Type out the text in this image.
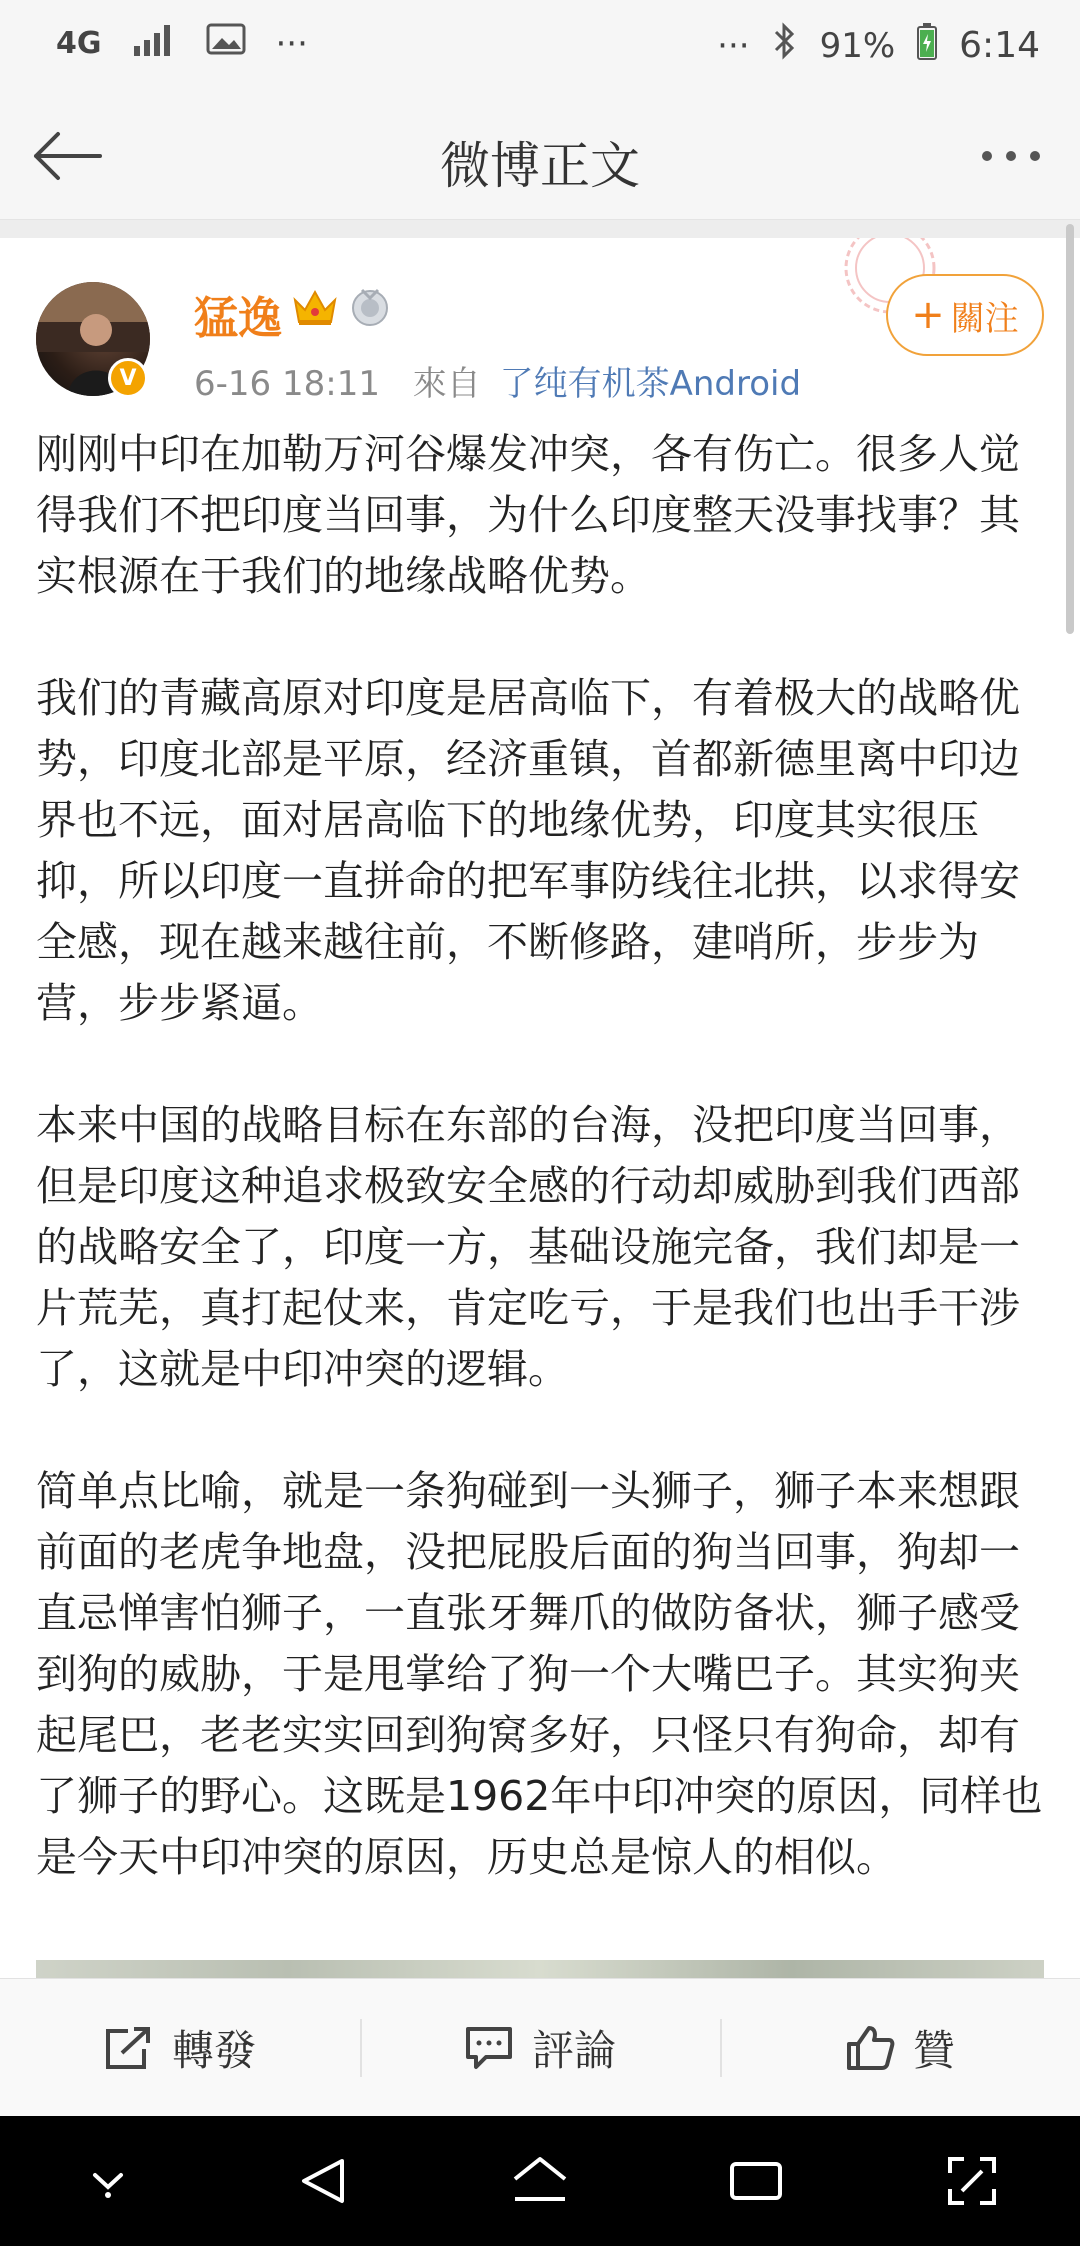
4G	···	··· 91% 6:14
微博正文
V
猛逸
6-16 18:11 來自 了纯有机茶Android
+ 關注

刚刚中印在加勒万河谷爆发冲突，各有伤亡。很多人觉得我们不把印度当回事，为什么印度整天没事找事？其实根源在于我们的地缘战略优势。

我们的青藏高原对印度是居高临下，有着极大的战略优势，印度北部是平原，经济重镇，首都新德里离中印边界也不远，面对居高临下的地缘优势，印度其实很压抑，所以印度一直拼命的把军事防线往北拱，以求得安全感，现在越来越往前，不断修路，建哨所，步步为营，步步紧逼。

本来中国的战略目标在东部的台海，没把印度当回事，但是印度这种追求极致安全感的行动却威胁到我们西部的战略安全了，印度一方，基础设施完备，我们却是一片荒芜，真打起仗来，肯定吃亏，于是我们也出手干涉了，这就是中印冲突的逻辑。

简单点比喻，就是一条狗碰到一头狮子，狮子本来想跟前面的老虎争地盘，没把屁股后面的狗当回事，狗却一直忌惮害怕狮子，一直张牙舞爪的做防备状，狮子感受到狗的威胁，于是甩掌给了狗一个大嘴巴子。其实狗夹起尾巴，老老实实回到狗窝多好，只怪只有狗命，却有了狮子的野心。这既是1962年中印冲突的原因，同样也是今天中印冲突的原因，历史总是惊人的相似。

轉發	評論	贊
